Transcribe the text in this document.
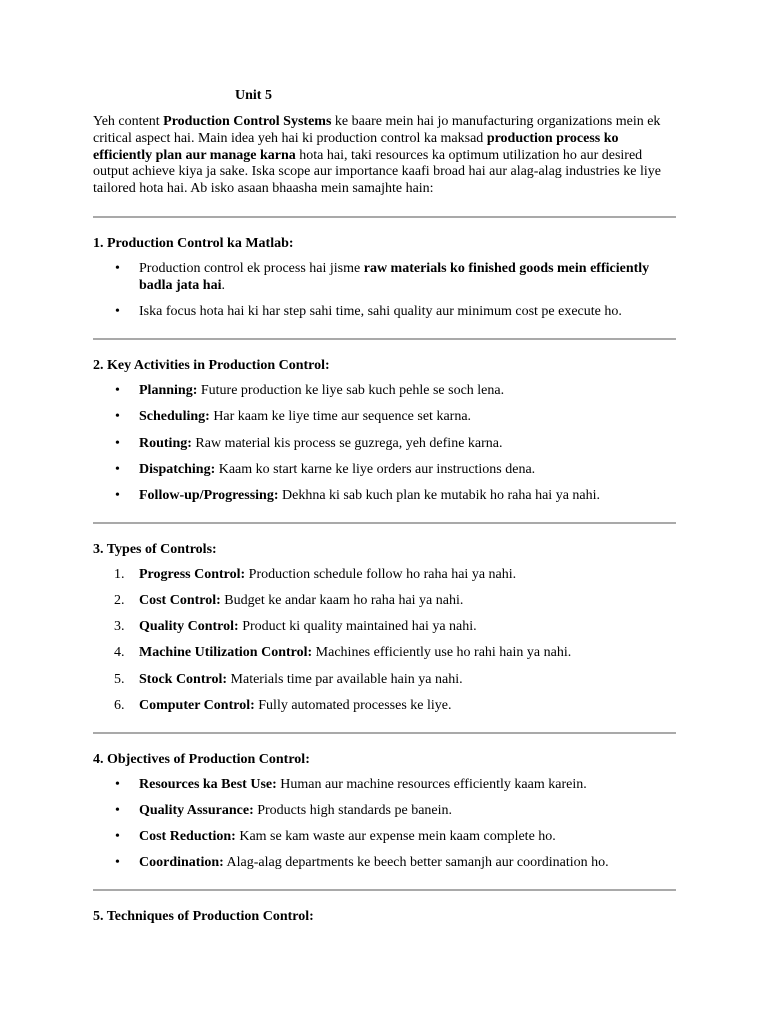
Unit 5

Yeh content Production Control Systems ke baare mein hai jo manufacturing organizations mein ek critical aspect hai. Main idea yeh hai ki production control ka maksad production process ko efficiently plan aur manage karna hota hai, taki resources ka optimum utilization ho aur desired output achieve kiya ja sake. Iska scope aur importance kaafi broad hai aur alag-alag industries ke liye tailored hota hai. Ab isko asaan bhaasha mein samajhte hain:

1. Production Control ka Matlab:
• Production control ek process hai jisme raw materials ko finished goods mein efficiently badla jata hai.
• Iska focus hota hai ki har step sahi time, sahi quality aur minimum cost pe execute ho.
2. Key Activities in Production Control:
• Planning: Future production ke liye sab kuch pehle se soch lena.
• Scheduling: Har kaam ke liye time aur sequence set karna.
• Routing: Raw material kis process se guzrega, yeh define karna.
• Dispatching: Kaam ko start karne ke liye orders aur instructions dena.
• Follow-up/Progressing: Dekhna ki sab kuch plan ke mutabik ho raha hai ya nahi.
3. Types of Controls:
1. Progress Control: Production schedule follow ho raha hai ya nahi.
2. Cost Control: Budget ke andar kaam ho raha hai ya nahi.
3. Quality Control: Product ki quality maintained hai ya nahi.
4. Machine Utilization Control: Machines efficiently use ho rahi hain ya nahi.
5. Stock Control: Materials time par available hain ya nahi.
6. Computer Control: Fully automated processes ke liye.
4. Objectives of Production Control:
• Resources ka Best Use: Human aur machine resources efficiently kaam karein.
• Quality Assurance: Products high standards pe banein.
• Cost Reduction: Kam se kam waste aur expense mein kaam complete ho.
• Coordination: Alag-alag departments ke beech better samanjh aur coordination ho.
5. Techniques of Production Control:
